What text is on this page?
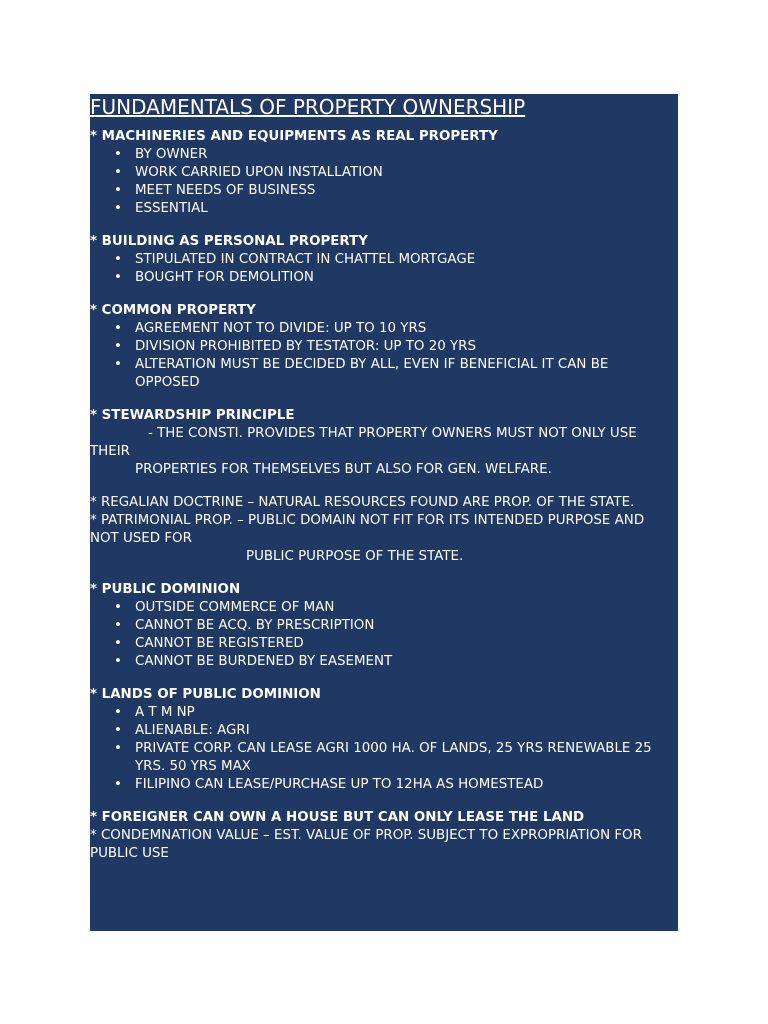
FUNDAMENTALS OF PROPERTY OWNERSHIP

* MACHINERIES AND EQUIPMENTS AS REAL PROPERTY

• BY OWNER
• WORK CARRIED UPON INSTALLATION
• MEET NEEDS OF BUSINESS
• ESSENTIAL

* BUILDING AS PERSONAL PROPERTY

• STIPULATED IN CONTRACT IN CHATTEL MORTGAGE
• BOUGHT FOR DEMOLITION

* COMMON PROPERTY

• AGREEMENT NOT TO DIVIDE: UP TO 10 YRS
• DIVISION PROHIBITED BY TESTATOR: UP TO 20 YRS
• ALTERATION MUST BE DECIDED BY ALL, EVEN IF BENEFICIAL IT CAN BE OPPOSED

* STEWARDSHIP PRINCIPLE

- THE CONSTI. PROVIDES THAT PROPERTY OWNERS MUST NOT ONLY USE

THEIR

PROPERTIES FOR THEMSELVES BUT ALSO FOR GEN. WELFARE.

* REGALIAN DOCTRINE – NATURAL RESOURCES FOUND ARE PROP. OF THE STATE.

* PATRIMONIAL PROP. – PUBLIC DOMAIN NOT FIT FOR ITS INTENDED PURPOSE AND NOT USED FOR

PUBLIC PURPOSE OF THE STATE.

* PUBLIC DOMINION

• OUTSIDE COMMERCE OF MAN
• CANNOT BE ACQ. BY PRESCRIPTION
• CANNOT BE REGISTERED
• CANNOT BE BURDENED BY EASEMENT

* LANDS OF PUBLIC DOMINION

• A T M NP
• ALIENABLE: AGRI
• PRIVATE CORP. CAN LEASE AGRI 1000 HA. OF LANDS, 25 YRS RENEWABLE 25 YRS. 50 YRS MAX
• FILIPINO CAN LEASE/PURCHASE UP TO 12HA AS HOMESTEAD

* FOREIGNER CAN OWN A HOUSE BUT CAN ONLY LEASE THE LAND

* CONDEMNATION VALUE – EST. VALUE OF PROP. SUBJECT TO EXPROPRIATION FOR PUBLIC USE
